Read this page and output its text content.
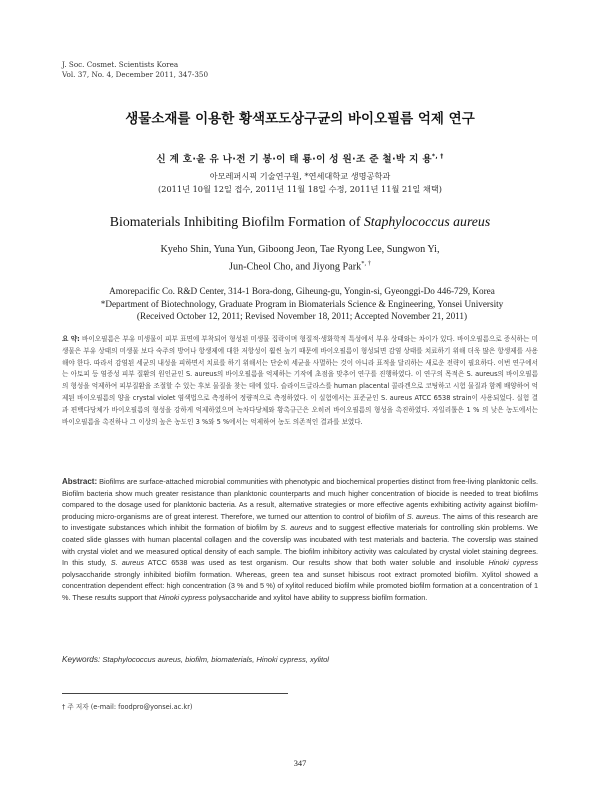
J. Soc. Cosmet. Scientists Korea
Vol. 37, No. 4, December 2011, 347-350
생물소재를 이용한 황색포도상구균의 바이오필름 억제 연구
신 계 호·윤 유 나·전 기 봉·이 태 룡·이 성 원·조 준 철·박 지 용*, †
아모레퍼시픽 기술연구원, *연세대학교 생명공학과
(2011년 10월 12일 접수, 2011년 11월 18일 수정, 2011년 11월 21일 채택)
Biomaterials Inhibiting Biofilm Formation of Staphylococcus aureus
Kyeho Shin, Yuna Yun, Giboong Jeon, Tae Ryong Lee, Sungwon Yi,
Jun-Cheol Cho, and Jiyong Park*, †
Amorepacific Co. R&D Center, 314-1 Bora-dong, Giheung-gu, Yongin-si, Gyeonggi-Do 446-729, Korea
*Department of Biotechnology, Graduate Program in Biomaterials Science & Engineering, Yonsei University
(Received October 12, 2011; Revised November 18, 2011; Accepted November 21, 2011)
요 약: 바이오필름은 부유 미생물이 피부 표면에 부착되어 형성된 미생물 집락이며 형질적·생화학적 특성에서 부유 상태와는 차이가 있다. 바이오필름으로 증식하는 미생물은 부유 상태의 미생물 보다 숙주의 방어나 항생제에 대한 저항성이 훨씬 높기 때문에 바이오필름이 형성되면 감염 상태를 치료하기 위해 더욱 많은 항생제를 사용해야 한다. 따라서 감염된 세균의 내성을 피하면서 치료를 하기 위해서는 단순히 세균을 사멸하는 것이 아니라 표적을 달리하는 새로운 전략이 필요하다. 이번 연구에서는 아토피 등 염증성 피부 질환의 원인균인 S. aureus의 바이오필름을 억제하는 기작에 초점을 맞추어 연구를 진행하였다. 이 연구의 목적은 S. aureus의 바이오필름의 형성을 억제하여 피부질환을 조절할 수 있는 후보 물질을 찾는 데에 있다. 슬라이드글라스를 human placental 콜라겐으로 코팅하고 시험 물질과 함께 배양하여 억제된 바이오필름의 양을 crystal violet 염색법으로 측정하여 정량적으로 측정하였다. 이 실험에서는 표준균인 S. aureus ATCC 6538 strain이 사용되었다. 실험 결과 편백다당체가 바이오필름의 형성을 강하게 억제하였으며 녹차다당체와 황촉규근은 오히려 바이오필름의 형성을 촉진하였다. 자일리톨은 1 % 의 낮은 농도에서는 바이오필름을 촉진하나 그 이상의 높은 농도인 3 %와 5 %에서는 억제하여 농도 의존적인 결과를 보였다.
Abstract: Biofilms are surface-attached microbial communities with phenotypic and biochemical properties distinct from free-living planktonic cells. Biofilm bacteria show much greater resistance than planktonic counterparts and much higher concentration of biocide is needed to treat biofilms compared to the dosage used for planktonic bacteria. As a result, alternative strategies or more effective agents exhibiting activity against biofilm-producing micro-organisms are of great interest. Therefore, we turned our attention to control of biofilm of S. aureus. The aims of this research are to investigate substances which inhibit the formation of biofilm by S. aureus and to suggest effective materials for controlling skin problems. We coated slide glasses with human placental collagen and the coverslip was incubated with test materials and bacteria. The coverslip was stained with crystal violet and we measured optical density of each sample. The biofilm inhibitory activity was calculated by crystal violet staining degrees. In this study, S. aureus ATCC 6538 was used as test organism. Our results show that both water soluble and insoluble Hinoki cypress polysaccharide strongly inhibited biofilm formation. Whereas, green tea and sunset hibiscus root extract promoted biofilm. Xylitol showed a concentration dependent effect: high concentration (3 % and 5 %) of xylitol reduced biofilm while promoted biofilm formation at a concentration of 1 %. These results support that Hinoki cypress polysaccharide and xylitol have ability to suppress biofilm formation.
Keywords: Staphylococcus aureus, biofilm, biomaterials, Hinoki cypress, xylitol
† 주 저자 (e-mail: foodpro@yonsei.ac.kr)
347
